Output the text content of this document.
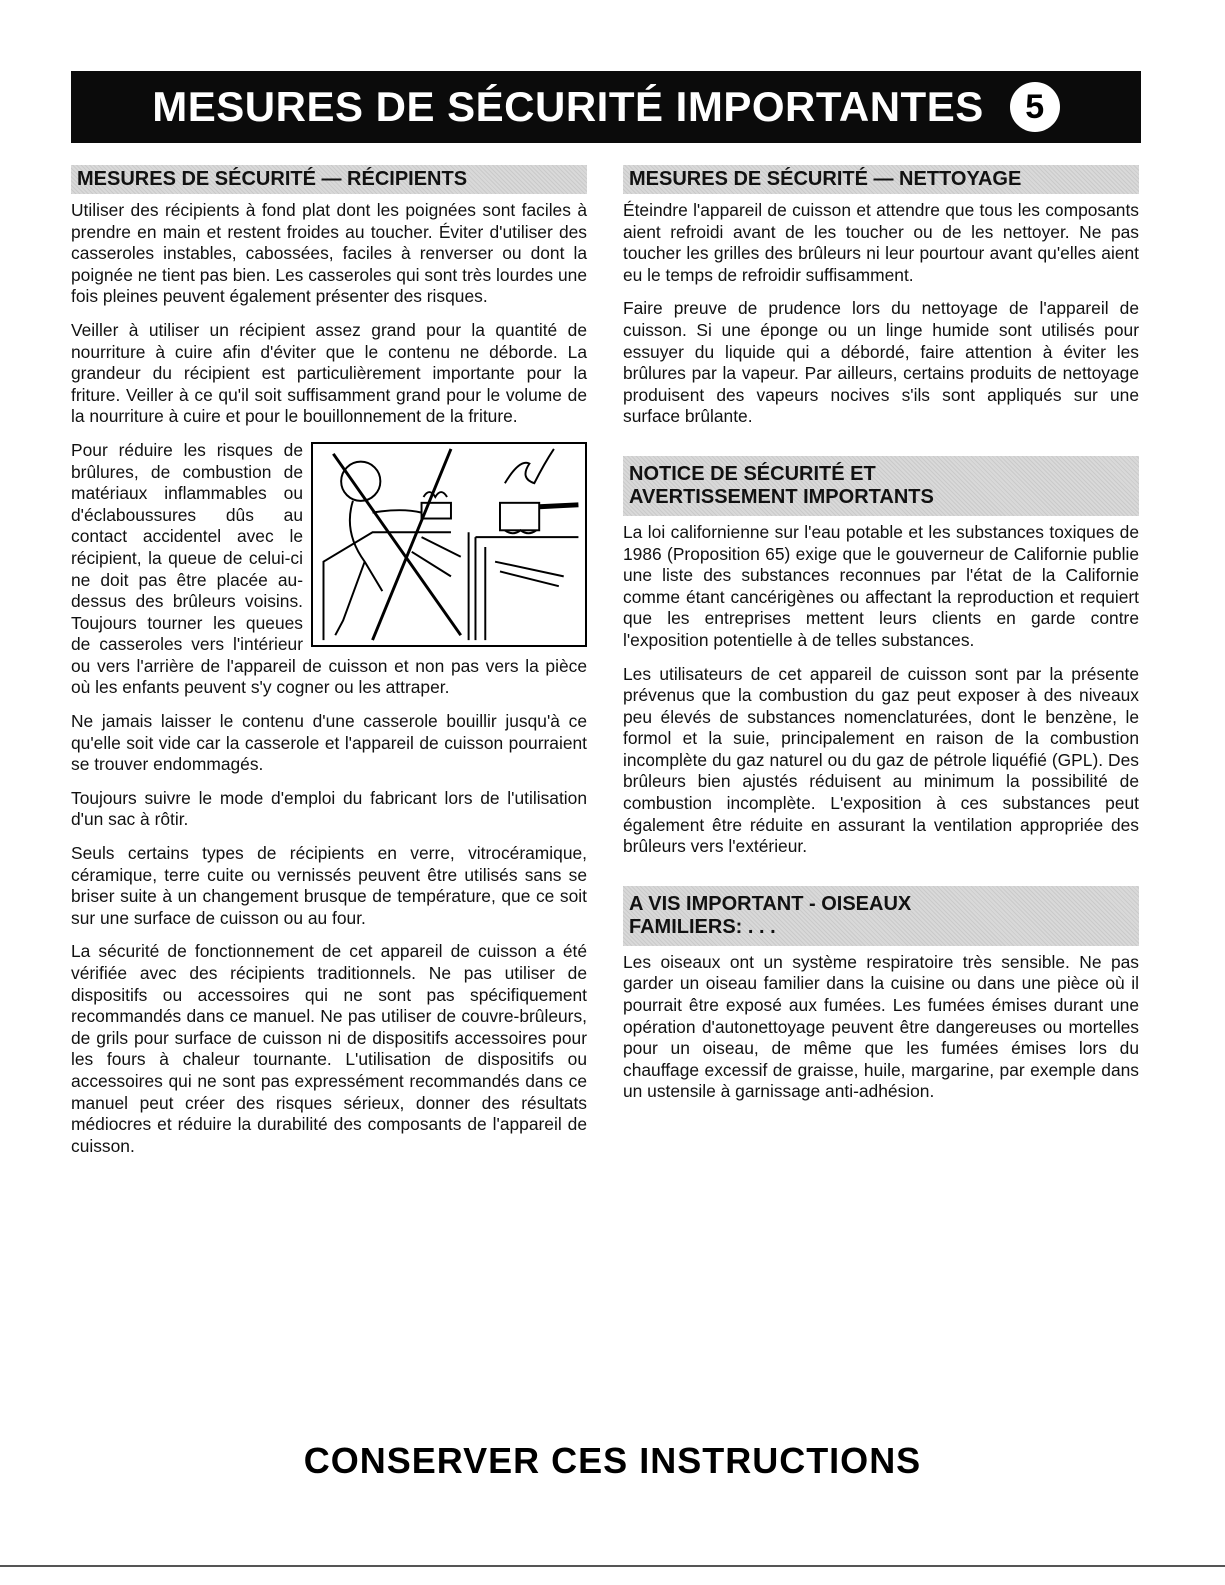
MESURES DE SÉCURITÉ IMPORTANTES	5
MESURES DE SÉCURITÉ — RÉCIPIENTS

Utiliser des récipients à fond plat dont les poignées sont faciles à prendre en main et restent froides au toucher. Éviter d'utiliser des casseroles instables, cabossées, faciles à renverser ou dont la poignée ne tient pas bien. Les casseroles qui sont très lourdes une fois pleines peuvent également présenter des risques.

Veiller à utiliser un récipient assez grand pour la quantité de nourriture à cuire afin d'éviter que le contenu ne déborde. La grandeur du récipient est particulièrement importante pour la friture. Veiller à ce qu'il soit suffisamment grand pour le volume de la nourriture à cuire et pour le bouillonnement de la friture.

Pour réduire les risques de brûlures, de combustion de matériaux inflammables ou d'éclaboussures dûs au contact accidentel avec le récipient, la queue de celui-ci ne doit pas être placée au-dessus des brûleurs voisins. Toujours tourner les queues de casseroles vers l'intérieur ou vers l'arrière de l'appareil de cuisson et non pas vers la pièce où les enfants peuvent s'y cogner ou les attraper.

Ne jamais laisser le contenu d'une casserole bouillir jusqu'à ce qu'elle soit vide car la casserole et l'appareil de cuisson pourraient se trouver endommagés.

Toujours suivre le mode d'emploi du fabricant lors de l'utilisation d'un sac à rôtir.

Seuls certains types de récipients en verre, vitrocéramique, céramique, terre cuite ou vernissés peuvent être utilisés sans se briser suite à un changement brusque de température, que ce soit sur une surface de cuisson ou au four.

La sécurité de fonctionnement de cet appareil de cuisson a été vérifiée avec des récipients traditionnels. Ne pas utiliser de dispositifs ou accessoires qui ne sont pas spécifiquement recommandés dans ce manuel. Ne pas utiliser de couvre-brûleurs, de grils pour surface de cuisson ni de dispositifs accessoires pour les fours à chaleur tournante. L'utilisation de dispositifs ou accessoires qui ne sont pas expressément recommandés dans ce manuel peut créer des risques sérieux, donner des résultats médiocres et réduire la durabilité des composants de l'appareil de cuisson.

MESURES DE SÉCURITÉ — NETTOYAGE

Éteindre l'appareil de cuisson et attendre que tous les composants aient refroidi avant de les toucher ou de les nettoyer. Ne pas toucher les grilles des brûleurs ni leur pourtour avant qu'elles aient eu le temps de refroidir suffisamment.

Faire preuve de prudence lors du nettoyage de l'appareil de cuisson. Si une éponge ou un linge humide sont utilisés pour essuyer du liquide qui a débordé, faire attention à éviter les brûlures par la vapeur. Par ailleurs, certains produits de nettoyage produisent des vapeurs nocives s'ils sont appliqués sur une surface brûlante.

NOTICE DE SÉCURITÉ ET
AVERTISSEMENT IMPORTANTS

La loi californienne sur l'eau potable et les substances toxiques de 1986 (Proposition 65) exige que le gouverneur de Californie publie une liste des substances reconnues par l'état de la Californie comme étant cancérigènes ou affectant la reproduction et requiert que les entreprises mettent leurs clients en garde contre l'exposition potentielle à de telles substances.

Les utilisateurs de cet appareil de cuisson sont par la présente prévenus que la combustion du gaz peut exposer à des niveaux peu élevés de substances nomenclaturées, dont le benzène, le formol et la suie, principalement en raison de la combustion incomplète du gaz naturel ou du gaz de pétrole liquéfié (GPL). Des brûleurs bien ajustés réduisent au minimum la possibilité de combustion incomplète. L'exposition à ces substances peut également être réduite en assurant la ventilation appropriée des brûleurs vers l'extérieur.

A VIS IMPORTANT - OISEAUX
FAMILIERS: . . .

Les oiseaux ont un système respiratoire très sensible. Ne pas garder un oiseau familier dans la cuisine ou dans une pièce où il pourrait être exposé aux fumées. Les fumées émises durant une opération d'autonettoyage peuvent être dangereuses ou mortelles pour un oiseau, de même que les fumées émises lors du chauffage excessif de graisse, huile, margarine, par exemple dans un ustensile à garnissage anti-adhésion.

CONSERVER CES INSTRUCTIONS
